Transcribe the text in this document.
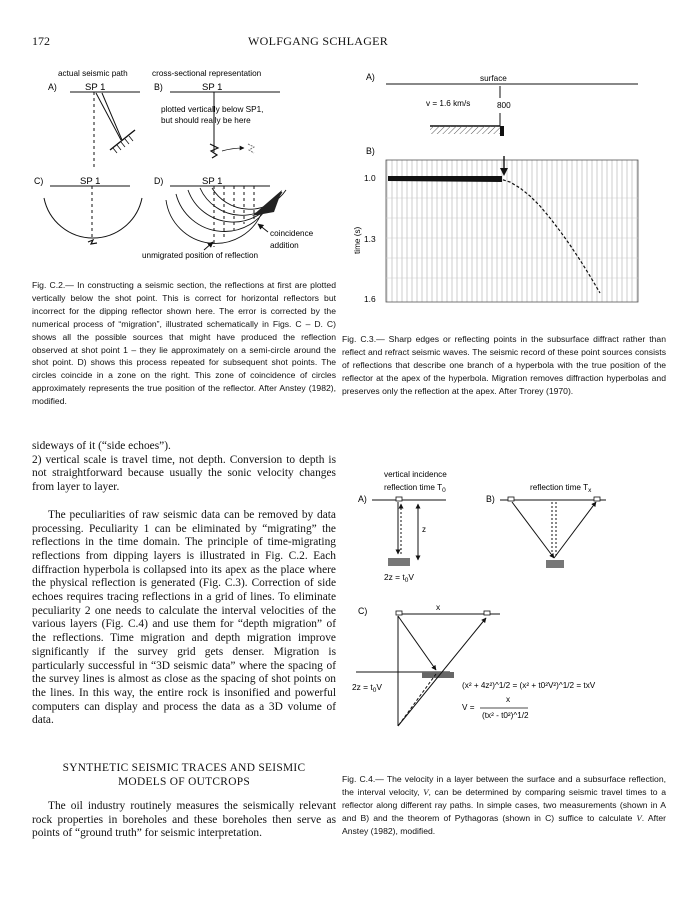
172	WOLFGANG SCHLAGER
A)
actual seismic path
SP 1	B)
cross-sectional representation
SP 1
plotted vertically below SP1,
but should really be here
C)	SP 1	D)	SP 1
coincidence
addition
unmigrated position of reflection
Fig. C.2.— In constructing a seismic section, the reflections at first are plotted vertically below the shot point. This is correct for horizontal reflectors but incorrect for the dipping reflector shown here. The error is corrected by the numerical process of “migration”, illustrated schematically in Figs. C – D. C) shows all the possible sources that might have produced the reflection observed at shot point 1 – they lie approximately on a semi-circle around the shot point. D) shows this process repeated for subsequent shot points. The circles coincide in a zone on the right. This zone of coincidence of circles approximately represents the true position of the reflector. After Anstey (1982), modified.
A)	surface
v = 1.6 km/s	800
B)
1.0
1.3
1.6
time (s)
Fig. C.3.— Sharp edges or reflecting points in the subsurface diffract rather than reflect and refract seismic waves. The seismic record of these point sources consists of reflections that describe one branch of a hyperbola with the true position of the reflector at the apex of the hyperbola. Migration removes diffraction hyperbolas and preserves only the reflection at the apex. After Trorey (1970).

sideways of it (“side echoes”).

2) vertical scale is travel time, not depth. Conversion to depth is not straightforward because usually the sonic velocity changes from layer to layer.

The peculiarities of raw seismic data can be removed by data processing. Peculiarity 1 can be eliminated by “migrating” the reflections in the time domain. The principle of time-migrating reflections from dipping layers is illustrated in Fig. C.2. Each diffraction hyperbola is collapsed into its apex as the place where the physical reflection is generated (Fig. C.3). Correction of side echoes requires tracing reflections in a grid of lines. To eliminate peculiarity 2 one needs to calculate the interval velocities of the various layers (Fig. C.4) and use them for “depth migration” of the reflections. Time migration and depth migration improve significantly if the survey grid gets denser. Migration is particularly successful in “3D seismic data” where the spacing of the survey lines is almost as close as the spacing of shot points on the lines. In this way, the entire rock is insonified and powerful computers can display and process the data as a 3D volume of data.

SYNTHETIC SEISMIC TRACES AND SEISMIC
MODELS OF OUTCROPS
The oil industry routinely measures the seismically relevant rock properties in boreholes and these boreholes then serve as points of “ground truth” for seismic interpretation.
vertical incidence
reflection time $T_0$
A)
z
$2z = t_0V$
reflection time $T_x$
B)
C)	x
$2z = t_0V$	(x² + 4z²)^1/2 = (x² + t0²V²)^1/2 = txV
V =
x
(tx² - t0²)^1/2
Fig. C.4.— The velocity in a layer between the surface and a subsurface reflection, the interval velocity, V, can be determined by comparing seismic travel times to a reflector along different ray paths. In simple cases, two measurements (shown in A and B) and the theorem of Pythagoras (shown in C) suffice to calculate V. After Anstey (1982), modified.
